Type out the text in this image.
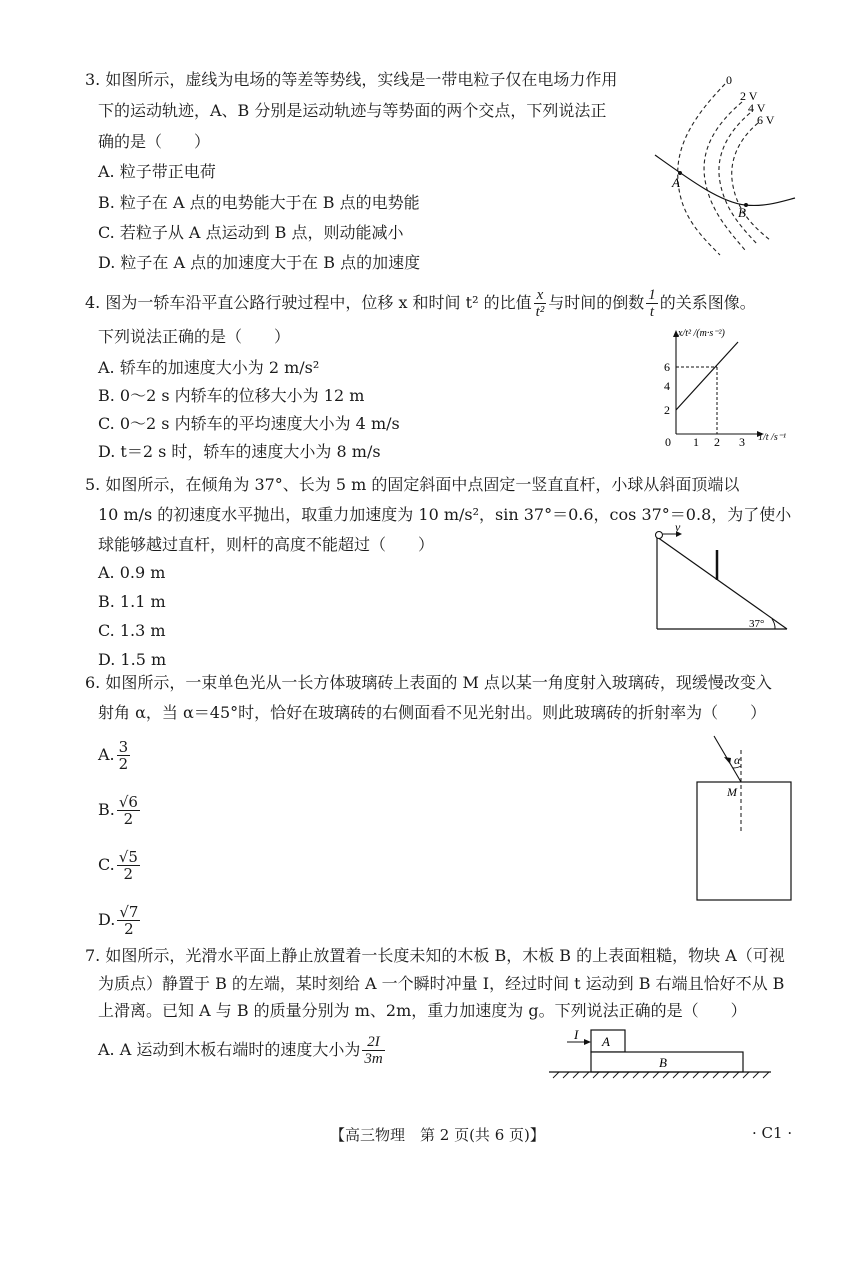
3. 如图所示，虚线为电场的等差等势线，实线是一带电粒子仅在电场力作用
下的运动轨迹，A、B 分别是运动轨迹与等势面的两个交点，下列说法正
确的是（　　）
A. 粒子带正电荷
B. 粒子在 A 点的电势能大于在 B 点的电势能
C. 若粒子从 A 点运动到 B 点，则动能减小
D. 粒子在 A 点的加速度大于在 B 点的加速度
0
2 V
4 V
6 V
A
B
4. 图为一轿车沿平直公路行驶过程中，位移 x 和时间 t² 的比值 $\frac{x}{\text{t²}}$ 与时间的倒数 $\frac{1}{t}$ 的关系图像。
下列说法正确的是（　　）
A. 轿车的加速度大小为 2 m/s²
B. 0～2 s 内轿车的位移大小为 12 m
C. 0～2 s 内轿车的平均速度大小为 4 m/s
D. t＝2 s 时，轿车的速度大小为 8 m/s
x/t² /(m·s⁻²)
1/t /s⁻¹
0 1 2 3
2
4
6
5. 如图所示，在倾角为 37°、长为 5 m 的固定斜面中点固定一竖直直杆，小球从斜面顶端以
10 m/s 的初速度水平抛出，取重力加速度为 10 m/s²，sin 37°＝0.6，cos 37°＝0.8，为了使小
球能够越过直杆，则杆的高度不能超过（　　）
A. 0.9 m
B. 1.1 m
C. 1.3 m
D. 1.5 m
v
37°
6. 如图所示，一束单色光从一长方体玻璃砖上表面的 M 点以某一角度射入玻璃砖，现缓慢改变入
射角 α，当 α＝45°时，恰好在玻璃砖的右侧面看不见光射出。则此玻璃砖的折射率为（　　）
A. $\frac{3}{2}$
B. $\frac{√6}{2}$
C. $\frac{√5}{2}$
D. $\frac{√7}{2}$
α
M
7. 如图所示，光滑水平面上静止放置着一长度未知的木板 B，木板 B 的上表面粗糙，物块 A（可视
为质点）静置于 B 的左端，某时刻给 A 一个瞬时冲量 I，经过时间 t 运动到 B 右端且恰好不从 B
上滑离。已知 A 与 B 的质量分别为 m、2m，重力加速度为 g。下列说法正确的是（　　）
A. A 运动到木板右端时的速度大小为 $\frac{2I}{3m}$	I A
B
【高三物理　第 2 页(共 6 页)】	· C1 ·
